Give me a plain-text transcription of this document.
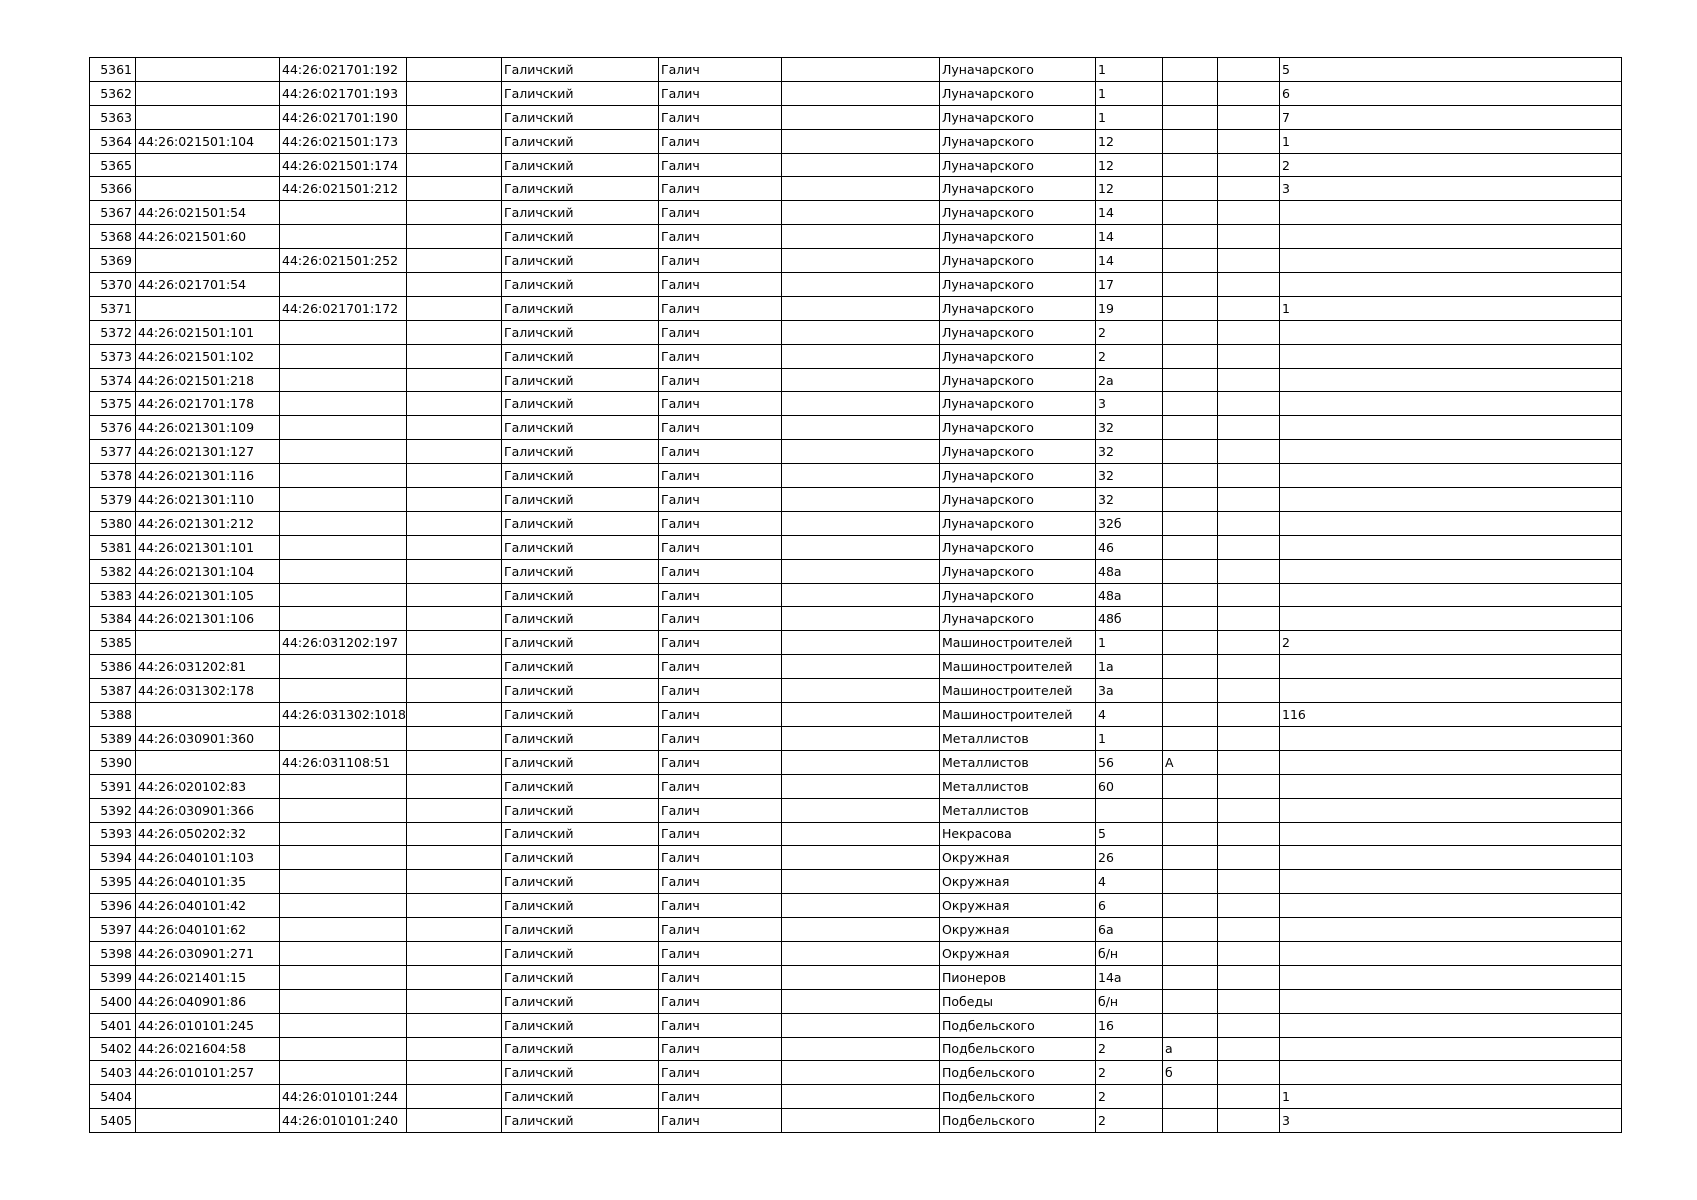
5361		44:26:021701:192		Галичский	Галич		Луначарского	1			5
5362		44:26:021701:193		Галичский	Галич		Луначарского	1			6
5363		44:26:021701:190		Галичский	Галич		Луначарского	1			7
5364	44:26:021501:104	44:26:021501:173		Галичский	Галич		Луначарского	12			1
5365		44:26:021501:174		Галичский	Галич		Луначарского	12			2
5366		44:26:021501:212		Галичский	Галич		Луначарского	12			3
5367	44:26:021501:54			Галичский	Галич		Луначарского	14			
5368	44:26:021501:60			Галичский	Галич		Луначарского	14			
5369		44:26:021501:252		Галичский	Галич		Луначарского	14			
5370	44:26:021701:54			Галичский	Галич		Луначарского	17			
5371		44:26:021701:172		Галичский	Галич		Луначарского	19			1
5372	44:26:021501:101			Галичский	Галич		Луначарского	2			
5373	44:26:021501:102			Галичский	Галич		Луначарского	2			
5374	44:26:021501:218			Галичский	Галич		Луначарского	2а			
5375	44:26:021701:178			Галичский	Галич		Луначарского	3			
5376	44:26:021301:109			Галичский	Галич		Луначарского	32			
5377	44:26:021301:127			Галичский	Галич		Луначарского	32			
5378	44:26:021301:116			Галичский	Галич		Луначарского	32			
5379	44:26:021301:110			Галичский	Галич		Луначарского	32			
5380	44:26:021301:212			Галичский	Галич		Луначарского	32б			
5381	44:26:021301:101			Галичский	Галич		Луначарского	46			
5382	44:26:021301:104			Галичский	Галич		Луначарского	48а			
5383	44:26:021301:105			Галичский	Галич		Луначарского	48а			
5384	44:26:021301:106			Галичский	Галич		Луначарского	48б			
5385		44:26:031202:197		Галичский	Галич		Машиностроителей	1			2
5386	44:26:031202:81			Галичский	Галич		Машиностроителей	1а			
5387	44:26:031302:178			Галичский	Галич		Машиностроителей	3а			
5388		44:26:031302:1018		Галичский	Галич		Машиностроителей	4			116
5389	44:26:030901:360			Галичский	Галич		Металлистов	1			
5390		44:26:031108:51		Галичский	Галич		Металлистов	56	А		
5391	44:26:020102:83			Галичский	Галич		Металлистов	60			
5392	44:26:030901:366			Галичский	Галич		Металлистов				
5393	44:26:050202:32			Галичский	Галич		Некрасова	5			
5394	44:26:040101:103			Галичский	Галич		Окружная	26			
5395	44:26:040101:35			Галичский	Галич		Окружная	4			
5396	44:26:040101:42			Галичский	Галич		Окружная	6			
5397	44:26:040101:62			Галичский	Галич		Окружная	6а			
5398	44:26:030901:271			Галичский	Галич		Окружная	б/н			
5399	44:26:021401:15			Галичский	Галич		Пионеров	14а			
5400	44:26:040901:86			Галичский	Галич		Победы	б/н			
5401	44:26:010101:245			Галичский	Галич		Подбельского	16			
5402	44:26:021604:58			Галичский	Галич		Подбельского	2	а		
5403	44:26:010101:257			Галичский	Галич		Подбельского	2	б		
5404		44:26:010101:244		Галичский	Галич		Подбельского	2			1
5405		44:26:010101:240		Галичский	Галич		Подбельского	2			3
